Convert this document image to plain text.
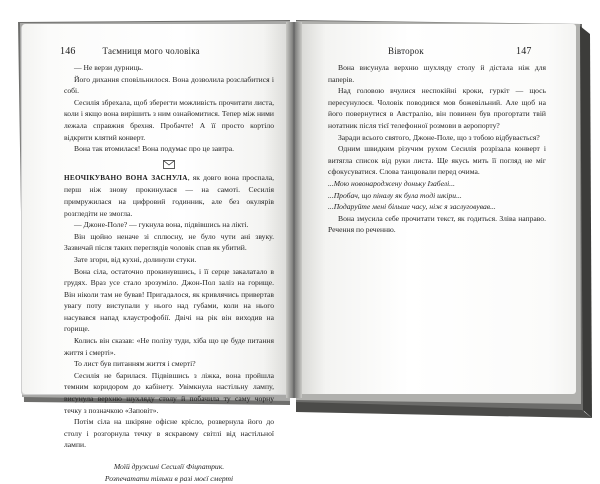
146	Таємниця мого чоловіка

— Не верзи дурниць.

Його дихання сповільнилося. Вона дозволила розслабитися і собі.

Сесилія збрехала, щоб зберегти можливість прочитати листа, коли і якщо вона вирішить з ним ознайомитися. Тепер між ними лежала справжня брехня. Пробачте! А її просто кортіло відкрити клятий конверт.

Вона так втомилася! Вона подумає про це завтра.

НЕОЧІКУВАНО ВОНА ЗАСНУЛА, як довго вона проспала, перш ніж знову прокинулася — на самоті. Сесилія примружилася на цифровий годинник, але без окулярів розгледіти не змогла.

— Джоне-Поле? — гукнула вона, підвівшись на лікті.

Він щойно неначе зі сплюсну, не було чути ані звуку. Зазвичай після таких переглядів чоловік спав як убитий.

Зате згори, від кухні, долинули стуки.

Вона сіла, остаточно прокинувшись, і її серце закалатало в грудях. Враз усе стало зрозуміло. Джон-Пол заліз на горище. Він ніколи там не бував! Пригадалося, як кривлячись привертав увагу поту виступали у нього над губами, коли на нього насувався напад клаустрофобії. Двічі на рік він виходив на горище.

Колись він сказав: «Не полізу туди, хіба що це буде питання життя і смерті».

То лист був питанням життя і смерті?

Сесилія не барилася. Підвівшись з ліжка, вона пройшла темним коридором до кабінету. Увімкнула настільну лампу, висунула верхню шухляду столу й побачила ту саму чорну течку з позначкою «Заповіт».

Потім сіла на шкіряне офісне крісло, розвернула його до столу і розгорнула течку в яскравому світлі від настільної лампи.

Моїй дружині Сесилії Фіцпатрик.
Розпечатати тільки в разі моєї смерті
Вівторок	147

Вона висунула верхню шухляду столу й дістала ніж для паперів.

Над головою вчулися неспокійні кроки, гуркіт — щось пересунулося. Чоловік поводився мов божевільний. Але щоб на його повернутися в Австралію, він повинен був прогортати твій нотатник після тієї телефонної розмови в аеропорту?

Заради всього святого, Джоне-Поле, що з тобою відбувається?

Одним швидким різучим рухом Сесилія розрізала конверт і витягла список від руки листа. Ще якусь мить її погляд не міг сфокусуватися. Слова танцювали перед очима.

...Мою новонароджену доньку Ізабелі...
...Пробач, що піналу як була тоді шкіри...
...Подаруйте мені більше часу, ніж я заслуговував...

Вона змусила себе прочитати текст, як годиться. Зліва направо. Речення по реченню.
